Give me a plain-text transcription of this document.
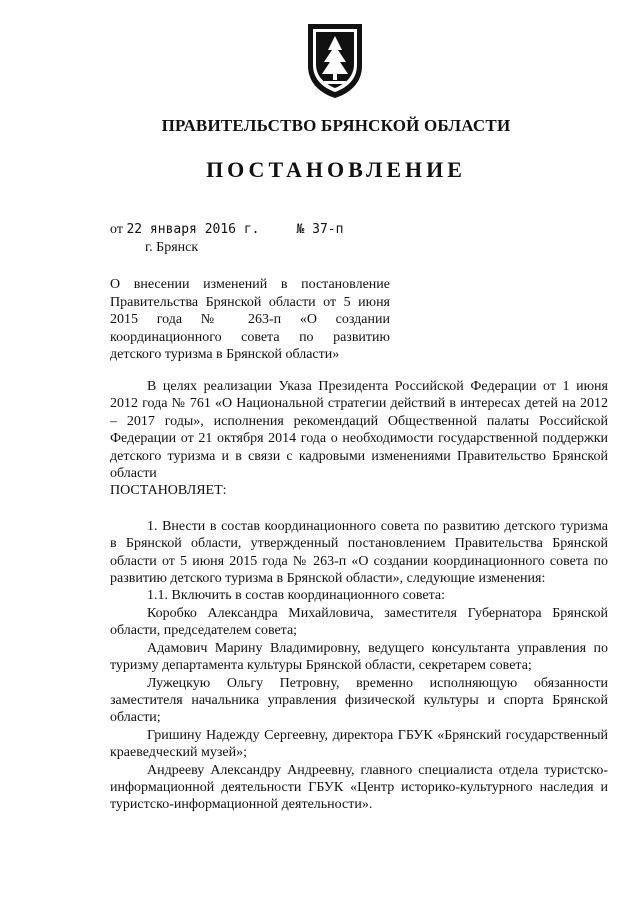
ПРАВИТЕЛЬСТВО БРЯНСКОЙ ОБЛАСТИ
ПОСТАНОВЛЕНИЕ
от 22 января 2016 г.	№ 37-п
г. Брянск
О внесении изменений в постановление Правительства Брянской области от 5 июня 2015 года № 263-п «О создании координационного совета по развитию детского туризма в Брянской области»

В целях реализации Указа Президента Российской Федерации от 1 июня 2012 года № 761 «О Национальной стратегии действий в интересах детей на 2012 – 2017 годы», исполнения рекомендаций Общественной палаты Российской Федерации от 21 октября 2014 года о необходимости государственной поддержки детского туризма и в связи с кадровыми изменениями Правительство Брянской области

ПОСТАНОВЛЯЕТ:

1. Внести в состав координационного совета по развитию детского туризма в Брянской области, утвержденный постановлением Правительства Брянской области от 5 июня 2015 года № 263-п «О создании координационного совета по развитию детского туризма в Брянской области», следующие изменения:

1.1. Включить в состав координационного совета:

Коробко Александра Михайловича, заместителя Губернатора Брянской области, председателем совета;

Адамович Марину Владимировну, ведущего консультанта управления по туризму департамента культуры Брянской области, секретарем совета;

Лужецкую Ольгу Петровну, временно исполняющую обязанности заместителя начальника управления физической культуры и спорта Брянской области;

Гришину Надежду Сергеевну, директора ГБУК «Брянский государственный краеведческий музей»;

Андрееву Александру Андреевну, главного специалиста отдела туристско-информационной деятельности ГБУК «Центр историко-культурного наследия и туристско-информационной деятельности».
